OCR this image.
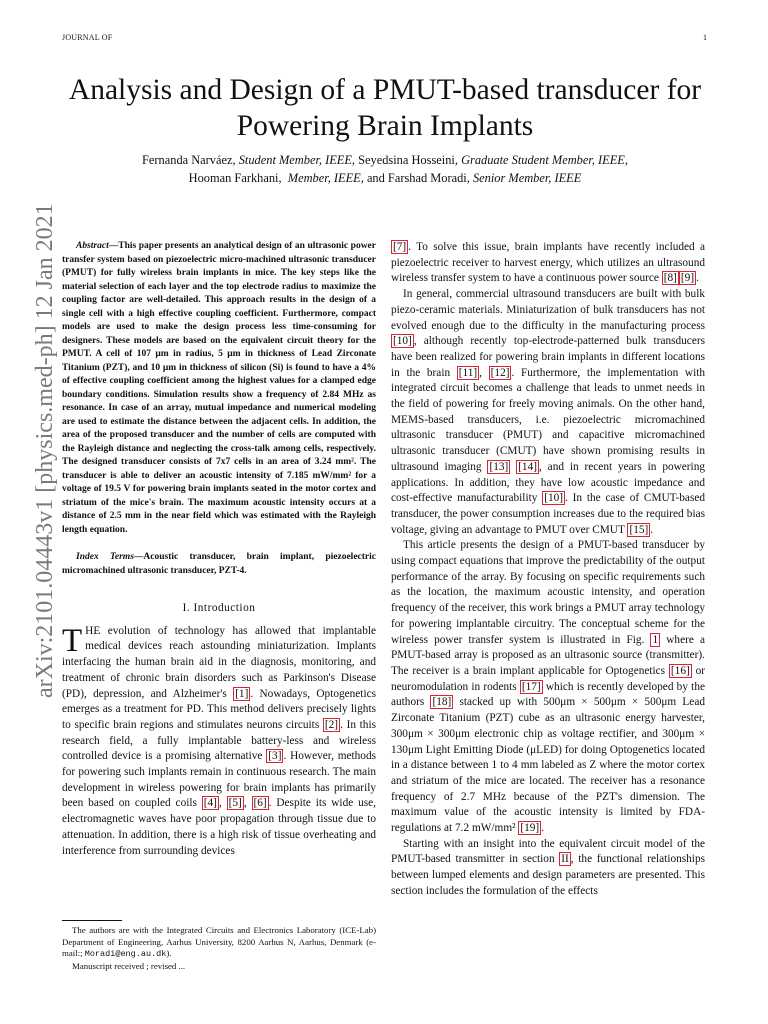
JOURNAL OF	1
Analysis and Design of a PMUT-based transducer for Powering Brain Implants
Fernanda Narváez, Student Member, IEEE, Seyedsina Hosseini, Graduate Student Member, IEEE,
Hooman Farkhani, Member, IEEE, and Farshad Moradi, Senior Member, IEEE
arXiv:2101.04443v1 [physics.med-ph] 12 Jan 2021	Abstract—This paper presents an analytical design of an ultrasonic power transfer system based on piezoelectric micro-machined ultrasonic transducer (PMUT) for fully wireless brain implants in mice. The key steps like the material selection of each layer and the top electrode radius to maximize the coupling factor are well-detailed. This approach results in the design of a single cell with a high effective coupling coefficient. Furthermore, compact models are used to make the design process less time-consuming for designers. These models are based on the equivalent circuit theory for the PMUT. A cell of 107 μm in radius, 5 μm in thickness of Lead Zirconate Titanium (PZT), and 10 μm in thickness of silicon (Si) is found to have a 4% of effective coupling coefficient among the highest values for a clamped edge boundary conditions. Simulation results show a frequency of 2.84 MHz as resonance. In case of an array, mutual impedance and numerical modeling are used to estimate the distance between the adjacent cells. In addition, the area of the proposed transducer and the number of cells are computed with the Rayleigh distance and neglecting the cross-talk among cells, respectively. The designed transducer consists of 7x7 cells in an area of 3.24 mm². The transducer is able to deliver an acoustic intensity of 7.185 mW/mm² for a voltage of 19.5 V for powering brain implants seated in the motor cortex and striatum of the mice's brain. The maximum acoustic intensity occurs at a distance of 2.5 mm in the near field which was estimated with the Rayleigh length equation.

Index Terms—Acoustic transducer, brain implant, piezoelectric micromachined ultrasonic transducer, PZT-4.

I. Introduction

THE evolution of technology has allowed that implantable medical devices reach astounding miniaturization. Implants interfacing the human brain aid in the diagnosis, monitoring, and treatment of chronic brain disorders such as Parkinson's Disease (PD), depression, and Alzheimer's [1] . Nowadays, Optogenetics emerges as a treatment for PD. This method delivers precisely lights to specific brain regions and stimulates neurons circuits [2] . In this research field, a fully implantable battery-less and wireless controlled device is a promising alternative [3] . However, methods for powering such implants remain in continuous research. The main development in wireless powering for brain implants has primarily been based on coupled coils [4] , [5] , [6] . Despite its wide use, electromagnetic waves have poor propagation through tissue due to attenuation. In addition, there is a high risk of tissue overheating and interference from surrounding devices

The authors are with the Integrated Circuits and Electronics Laboratory (ICE-Lab) Department of Engineering, Aarhus University, 8200 Aarhus N, Aarhus, Denmark (e-mail:; Moradi@eng.au.dk).

Manuscript received ; revised ...

[7] . To solve this issue, brain implants have recently included a piezoelectric receiver to harvest energy, which utilizes an ultrasound wireless transfer system to have a continuous power source [8] [9] .

In general, commercial ultrasound transducers are built with bulk piezo-ceramic materials. Miniaturization of bulk transducers has not evolved enough due to the difficulty in the manufacturing process [10] , although recently top-electrode-patterned bulk transducers have been realized for powering brain implants in different locations in the brain [11] , [12] . Furthermore, the implementation with integrated circuit becomes a challenge that leads to unmet needs in the field of powering for freely moving animals. On the other hand, MEMS-based transducers, i.e. piezoelectric micromachined ultrasonic transducer (PMUT) and capacitive micromachined ultrasonic transducer (CMUT) have shown promising results in ultrasound imaging [13] [14] , and in recent years in powering applications. In addition, they have low acoustic impedance and cost-effective manufacturability [10] . In the case of CMUT-based transducer, the power consumption increases due to the required bias voltage, giving an advantage to PMUT over CMUT [15] .

This article presents the design of a PMUT-based transducer by using compact equations that improve the predictability of the output performance of the array. By focusing on specific requirements such as the location, the maximum acoustic intensity, and operation frequency of the receiver, this work brings a PMUT array technology for powering implantable circuitry. The conceptual scheme for the wireless power transfer system is illustrated in Fig. 1 where a PMUT-based array is proposed as an ultrasonic source (transmitter). The receiver is a brain implant applicable for Optogenetics [16] or neuromodulation in rodents [17] which is recently developed by the authors [18] stacked up with 500μm × 500μm × 500μm Lead Zirconate Titanium (PZT) cube as an ultrasonic energy harvester, 300μm × 300μm electronic chip as voltage rectifier, and 300μm × 130μm Light Emitting Diode (μLED) for doing Optogenetics located in a distance between 1 to 4 mm labeled as Z where the motor cortex and striatum of the mice are located. The receiver has a resonance frequency of 2.7 MHz because of the PZT's dimension. The maximum value of the acoustic intensity is limited by FDA-regulations at 7.2 mW/mm² [19] .

Starting with an insight into the equivalent circuit model of the PMUT-based transmitter in section II , the functional relationships between lumped elements and design parameters are presented. This section includes the formulation of the effects
